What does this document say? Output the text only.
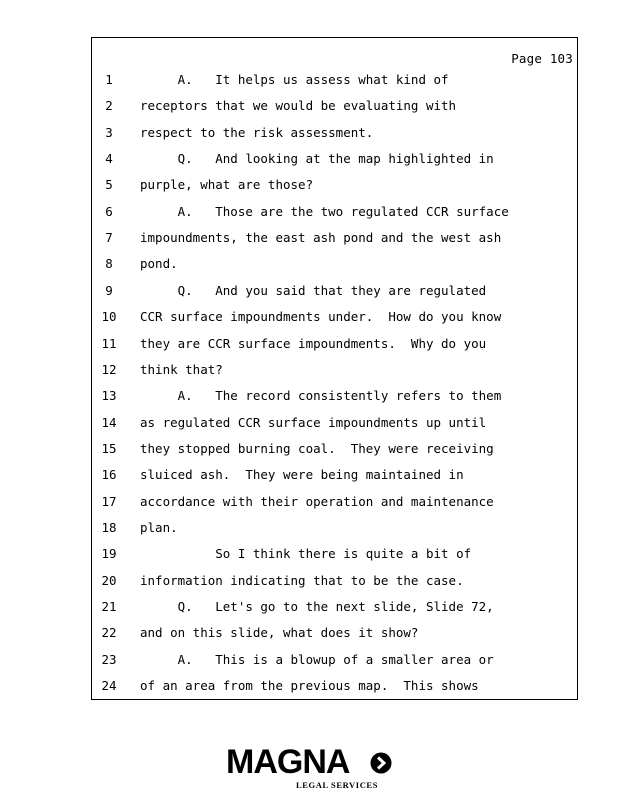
Page 103
1	A.   It helps us assess what kind of
2	receptors that we would be evaluating with
3	respect to the risk assessment.
4	Q.   And looking at the map highlighted in
5	purple, what are those?
6	A.   Those are the two regulated CCR surface
7	impoundments, the east ash pond and the west ash
8	pond.
9	Q.   And you said that they are regulated
10	CCR surface impoundments under.  How do you know
11	they are CCR surface impoundments.  Why do you
12	think that?
13	A.   The record consistently refers to them
14	as regulated CCR surface impoundments up until
15	they stopped burning coal.  They were receiving
16	sluiced ash.  They were being maintained in
17	accordance with their operation and maintenance
18	plan.
19	So I think there is quite a bit of
20	information indicating that to be the case.
21	Q.   Let's go to the next slide, Slide 72,
22	and on this slide, what does it show?
23	A.   This is a blowup of a smaller area or
24	of an area from the previous map.  This shows
MAGNA
LEGAL SERVICES
